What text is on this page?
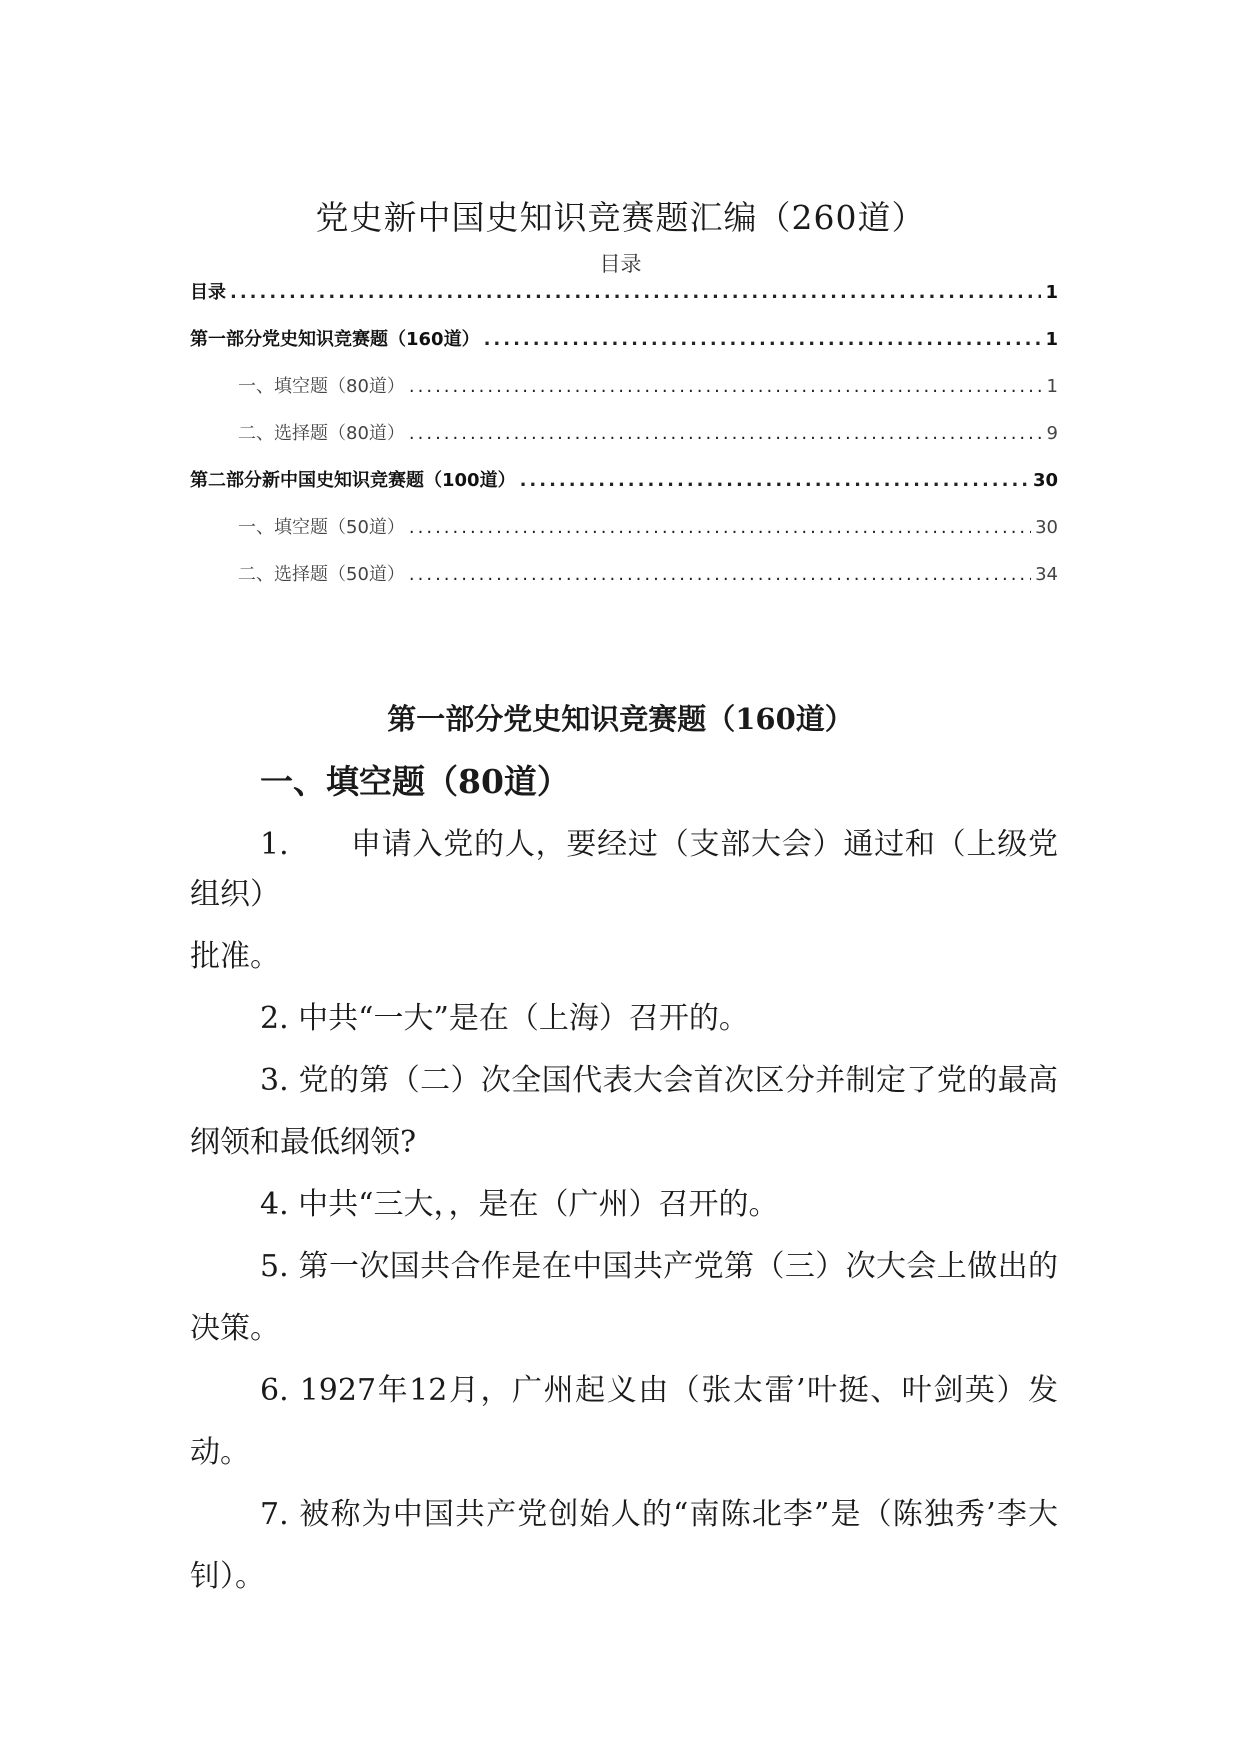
党史新中国史知识竞赛题汇编（260道）
目录
目录 .....	1
第一部分党史知识竞赛题（160道） .....	1
一、填空题（80道） .....	1
二、选择题（80道） .....	9
第二部分新中国史知识竞赛题（100道） .....	30
一、填空题（50道） .....	30
二、选择题（50道） .....	34
第一部分党史知识竞赛题（160道）
一、填空题（80道）

1.　　申请入党的人，要经过（支部大会）通过和（上级党组织）

批准。

2. 中共“一大”是在（上海）召开的。

3. 党的第（二）次全国代表大会首次区分并制定了党的最高纲领和最低纲领?

4. 中共“三大，，是在（广州）召开的。

5. 第一次国共合作是在中国共产党第（三）次大会上做出的决策。

6. 1927年12月，广州起义由（张太雷’叶挺、叶剑英）发动。

7. 被称为中国共产党创始人的“南陈北李”是（陈独秀’李大钊）。
